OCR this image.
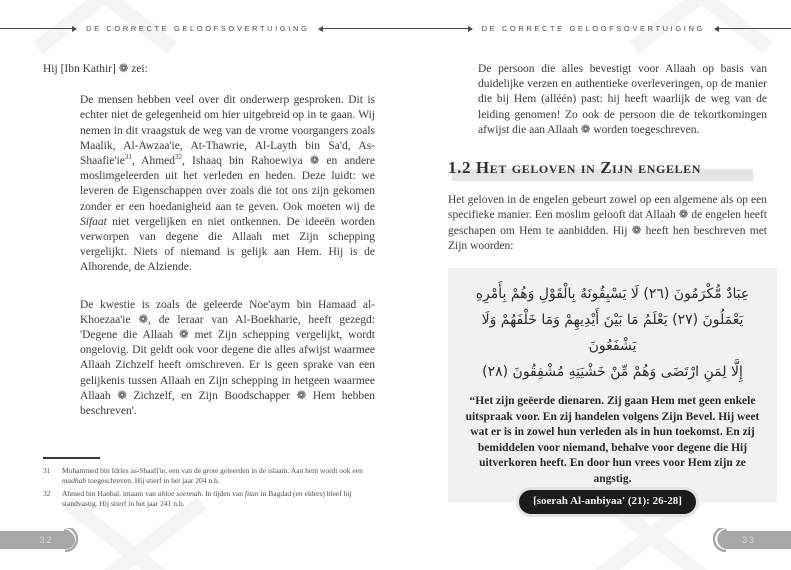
DE CORRECTE GELOOFSOVERTUIGING

Hij [Ibn Kathir] ❁ zei:

De mensen hebben veel over dit onderwerp gesproken. Dit is echter niet de gelegenheid om hier uitgebreid op in te gaan. Wij nemen in dit vraagstuk de weg van de vrome voorgangers zoals Maalik, Al-Awzaa'ie, At-Thawrie, Al-Layth bin Sa'd, $As-Shaafie'ie^{31}$, Ahmed$^{32}$, Ishaaq bin Rahoewiya ❁ en andere moslimgeleerden uit het verleden en heden. Deze luidt: we leveren de Eigenschappen over zoals die tot ons zijn gekomen zonder er een hoedanigheid aan te geven. Ook moeten wij de Sifaat niet vergelijken en niet ontkennen. De ideeën worden verworpen van degene die Allaah met Zijn schepping vergelijkt. Niets of niemand is gelijk aan Hem. Hij is de Alhorende, de Alziende.

De kwestie is zoals de geleerde Noe'aym bin Hamaad al-Khoezaa'ie ❁, de leraar van Al-Boekharie, heeft gezegd: 'Degene die Allaah ❁ met Zijn schepping vergelijkt, wordt ongelovig. Dit geldt ook voor degene die alles afwijst waarmee Allaah Zichzelf heeft omschreven. Er is geen sprake van een gelijkenis tussen Allaah en Zijn schepping in hetgeen waarmee Allaah ❁ Zichzelf, en Zijn Boodschapper ❁ Hem hebben beschreven'.

31	Mohammed bin Idries as-Shaafi'ie, een van de grote geleerden in de islaam. Aan hem wordt ook een madhab toegeschreven. Hij stierf in het jaar 204 n.h.
32	Ahmed bin Hanbal, imaam van ahloe soennah. In tijden van fitan in Bagdad (en elders) bleef hij standvastig. Hij stierf in het jaar 241 n.h.
32
DE CORRECTE GELOOFSOVERTUIGING

De persoon die alles bevestigt voor Allaah op basis van duidelijke verzen en authentieke overleveringen, op de manier die bij Hem (alléén) past: hij heeft waarlijk de weg van de leiding genomen! Zo ook de persoon die de tekortkomingen afwijst die aan Allaah ❁ worden toegeschreven.

1.2 Het geloven in Zijn engelen

Het geloven in de engelen gebeurt zowel op een algemene als op een specifieke manier. Een moslim gelooft dat Allaah ❁ de engelen heeft geschapen om Hem te aanbidden. Hij ❁ heeft hen beschreven met Zijn woorden:

عِبَادٌ مُّكْرَمُونَ (٢٦) لَا يَسْبِقُونَهُ بِالْقَوْلِ وَهُمْ بِأَمْرِهِ
يَعْمَلُونَ (٢٧) يَعْلَمُ مَا بَيْنَ أَيْدِيهِمْ وَمَا خَلْفَهُمْ وَلَا يَشْفَعُونَ
إِلَّا لِمَنِ ارْتَضَى وَهُمْ مِّنْ خَشْيَتِهِ مُشْفِقُونَ (٢٨)
“Het zijn geëerde dienaren. Zij gaan Hem met geen enkele uitspraak voor. En zij handelen volgens Zijn Bevel. Hij weet wat er is in zowel hun verleden als in hun toekomst. En zij bemiddelen voor niemand, behalve voor degene die Hij uitverkoren heeft. En door hun vrees voor Hem zijn ze angstig.
[soerah Al-anbiyaa' (21): 26-28]
33
